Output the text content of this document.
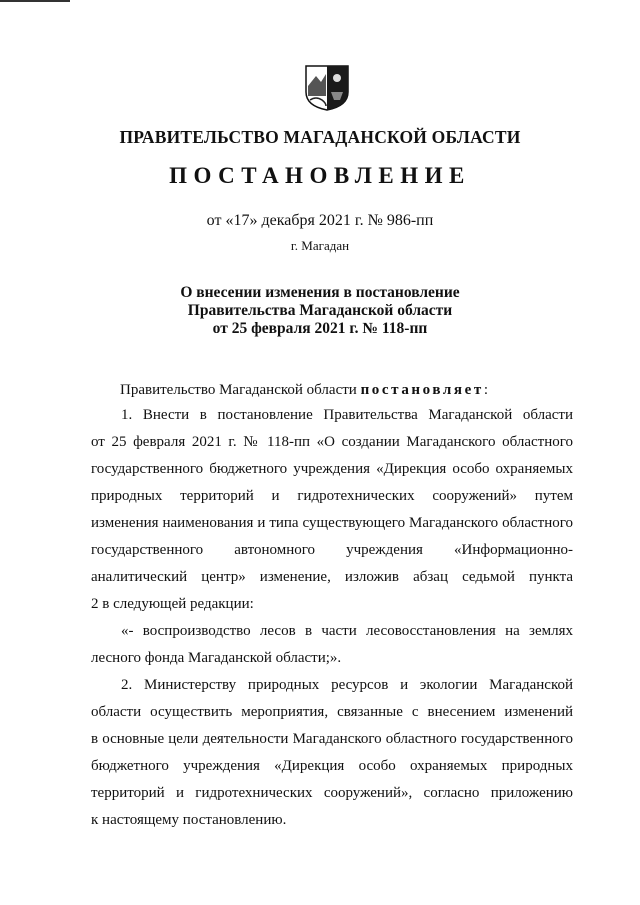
ПРАВИТЕЛЬСТВО МАГАДАНСКОЙ ОБЛАСТИ
ПОСТАНОВЛЕНИЕ
от «17» декабря 2021 г. № 986-пп
г. Магадан
О внесении изменения в постановление
Правительства Магаданской области
от 25 февраля 2021 г. № 118-пп
Правительство Магаданской области постановляет:
1. Внести в постановление Правительства Магаданской области
от 25 февраля 2021 г. № 118-пп «О создании Магаданского областного
государственного бюджетного учреждения «Дирекция особо охраняемых
природных территорий и гидротехнических сооружений» путем
изменения наименования и типа существующего Магаданского областного
государственного автономного учреждения «Информационно-
аналитический центр» изменение, изложив абзац седьмой пункта
2 в следующей редакции:
«- воспроизводство лесов в части лесовосстановления на землях
лесного фонда Магаданской области;».
2. Министерству природных ресурсов и экологии Магаданской
области осуществить мероприятия, связанные с внесением изменений
в основные цели деятельности Магаданского областного государственного
бюджетного учреждения «Дирекция особо охраняемых природных
территорий и гидротехнических сооружений», согласно приложению
к настоящему постановлению.
